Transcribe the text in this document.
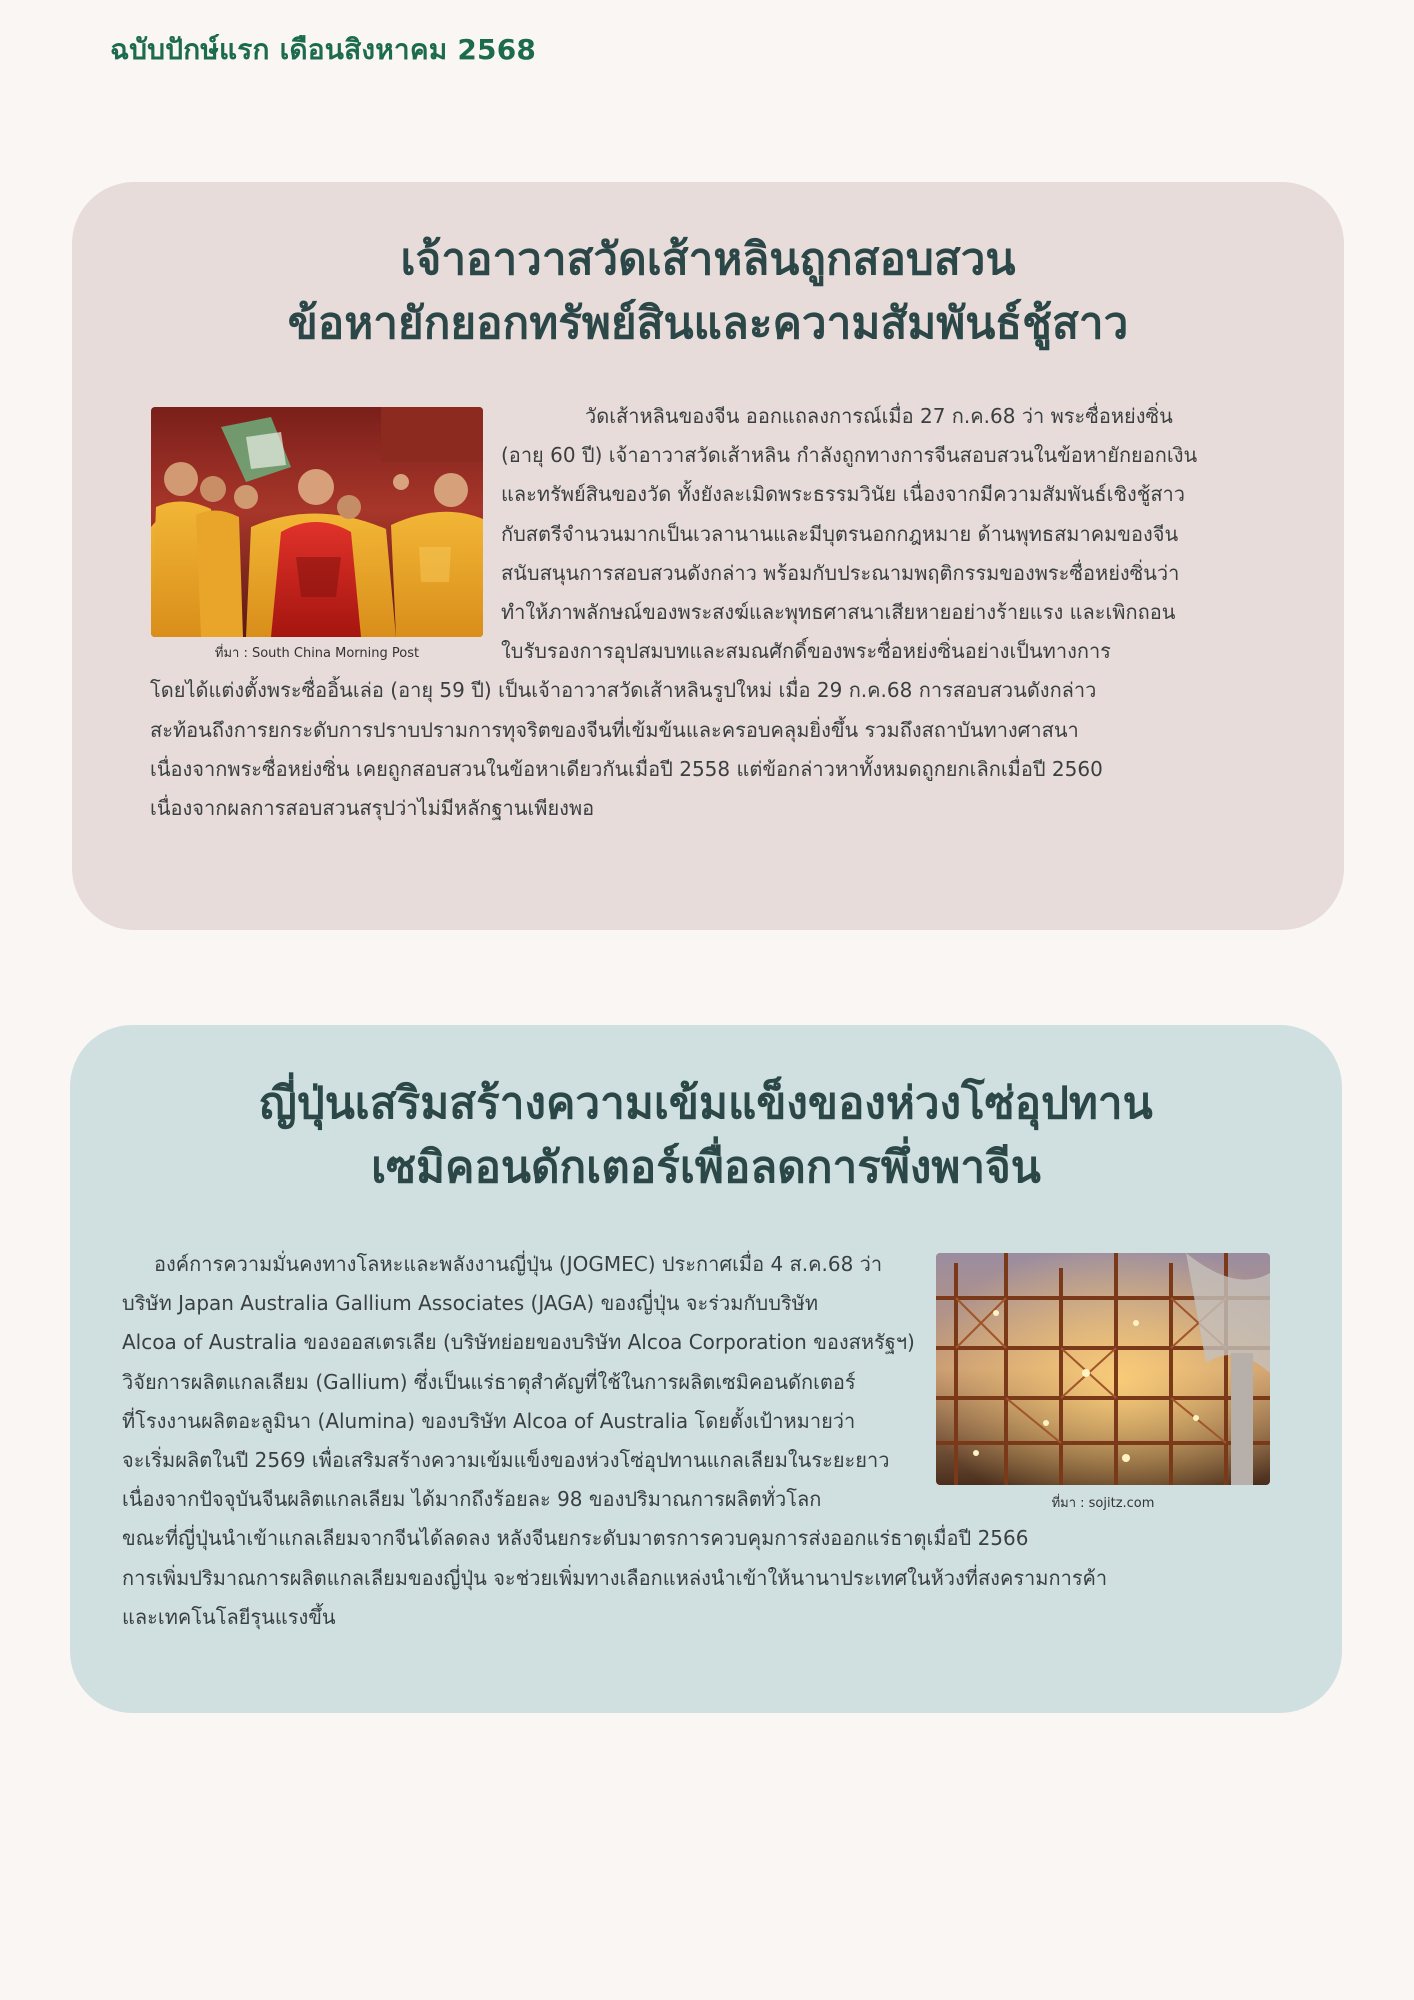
ฉบับปักษ์แรก เดือนสิงหาคม 2568
เจ้าอาวาสวัดเส้าหลินถูกสอบสวน
ข้อหายักยอกทรัพย์สินและความสัมพันธ์ชู้สาว
ที่มา : South China Morning Post
วัดเส้าหลินของจีน ออกแถลงการณ์เมื่อ 27 ก.ค.68 ว่า พระซื่อหย่งซิ่น
(อายุ 60 ปี) เจ้าอาวาสวัดเส้าหลิน กำลังถูกทางการจีนสอบสวนในข้อหายักยอกเงิน
และทรัพย์สินของวัด ทั้งยังละเมิดพระธรรมวินัย เนื่องจากมีความสัมพันธ์เชิงชู้สาว
กับสตรีจำนวนมากเป็นเวลานานและมีบุตรนอกกฎหมาย ด้านพุทธสมาคมของจีน
สนับสนุนการสอบสวนดังกล่าว พร้อมกับประณามพฤติกรรมของพระซื่อหย่งซิ่นว่า
ทำให้ภาพลักษณ์ของพระสงฆ์และพุทธศาสนาเสียหายอย่างร้ายแรง และเพิกถอน
ใบรับรองการอุปสมบทและสมณศักดิ์ของพระซื่อหย่งซิ่นอย่างเป็นทางการ
โดยได้แต่งตั้งพระซื่ออิ้นเล่อ (อายุ 59 ปี) เป็นเจ้าอาวาสวัดเส้าหลินรูปใหม่ เมื่อ 29 ก.ค.68 การสอบสวนดังกล่าว
สะท้อนถึงการยกระดับการปราบปรามการทุจริตของจีนที่เข้มข้นและครอบคลุมยิ่งขึ้น รวมถึงสถาบันทางศาสนา
เนื่องจากพระซื่อหย่งซิ่น เคยถูกสอบสวนในข้อหาเดียวกันเมื่อปี 2558 แต่ข้อกล่าวหาทั้งหมดถูกยกเลิกเมื่อปี 2560
เนื่องจากผลการสอบสวนสรุปว่าไม่มีหลักฐานเพียงพอ
ญี่ปุ่นเสริมสร้างความเข้มแข็งของห่วงโซ่อุปทาน
เซมิคอนดักเตอร์เพื่อลดการพึ่งพาจีน
องค์การความมั่นคงทางโลหะและพลังงานญี่ปุ่น (JOGMEC) ประกาศเมื่อ 4 ส.ค.68 ว่า
บริษัท Japan Australia Gallium Associates (JAGA) ของญี่ปุ่น จะร่วมกับบริษัท
Alcoa of Australia ของออสเตรเลีย (บริษัทย่อยของบริษัท Alcoa Corporation ของสหรัฐฯ)
วิจัยการผลิตแกลเลียม (Gallium) ซึ่งเป็นแร่ธาตุสำคัญที่ใช้ในการผลิตเซมิคอนดักเตอร์
ที่โรงงานผลิตอะลูมินา (Alumina) ของบริษัท Alcoa of Australia โดยตั้งเป้าหมายว่า
จะเริ่มผลิตในปี 2569 เพื่อเสริมสร้างความเข้มแข็งของห่วงโซ่อุปทานแกลเลียมในระยะยาว
เนื่องจากปัจจุบันจีนผลิตแกลเลียม ได้มากถึงร้อยละ 98 ของปริมาณการผลิตทั่วโลก
ขณะที่ญี่ปุ่นนำเข้าแกลเลียมจากจีนได้ลดลง หลังจีนยกระดับมาตรการควบคุมการส่งออกแร่ธาตุเมื่อปี 2566
การเพิ่มปริมาณการผลิตแกลเลียมของญี่ปุ่น จะช่วยเพิ่มทางเลือกแหล่งนำเข้าให้นานาประเทศในห้วงที่สงครามการค้า
และเทคโนโลยีรุนแรงขึ้น
ที่มา : sojitz.com
